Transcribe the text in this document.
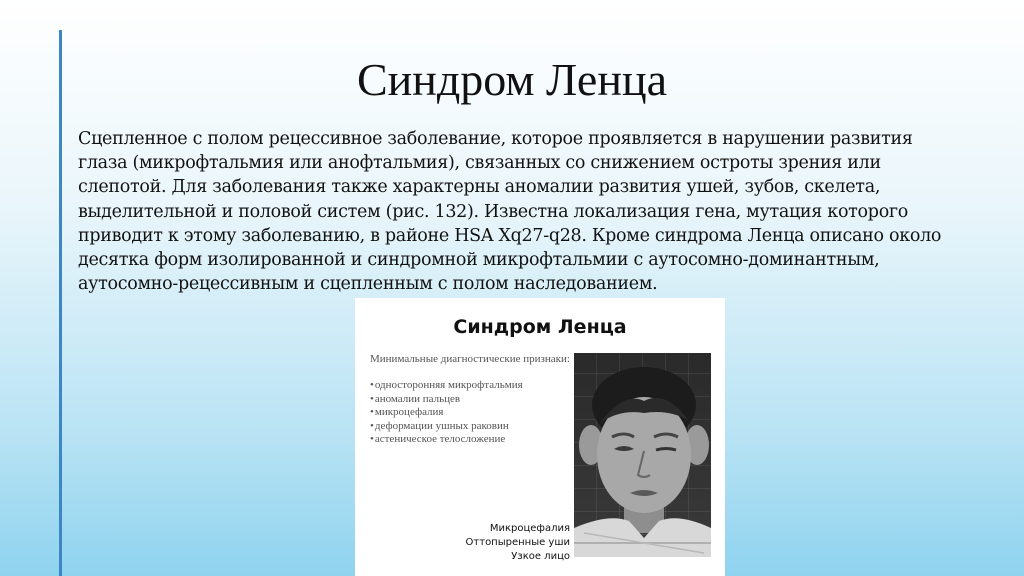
Синдром Ленца
Сцепленное с полом рецессивное заболевание, которое проявляется в нарушении развития глаза (микрофтальмия или анофтальмия), связанных со снижением остроты зрения или слепотой. Для заболевания также характерны аномалии развития ушей, зубов, скелета, выделительной и половой систем (рис. 132). Известна локализация гена, мутация которого приводит к этому заболеванию, в районе HSA Xq27-q28. Кроме синдрома Ленца описано около десятка форм изолированной и синдромной микрофтальмии с аутосомно-доминантным, аутосомно-рецессивным и сцепленным с полом наследованием.
Синдром Ленца
Минимальные диагностические признаки:
• односторонняя микрофтальмия
• аномалии пальцев
• микроцефалия
• деформации ушных раковин
• астеническое телосложение
Микроцефалия
Оттопыренные уши
Узкое лицо
